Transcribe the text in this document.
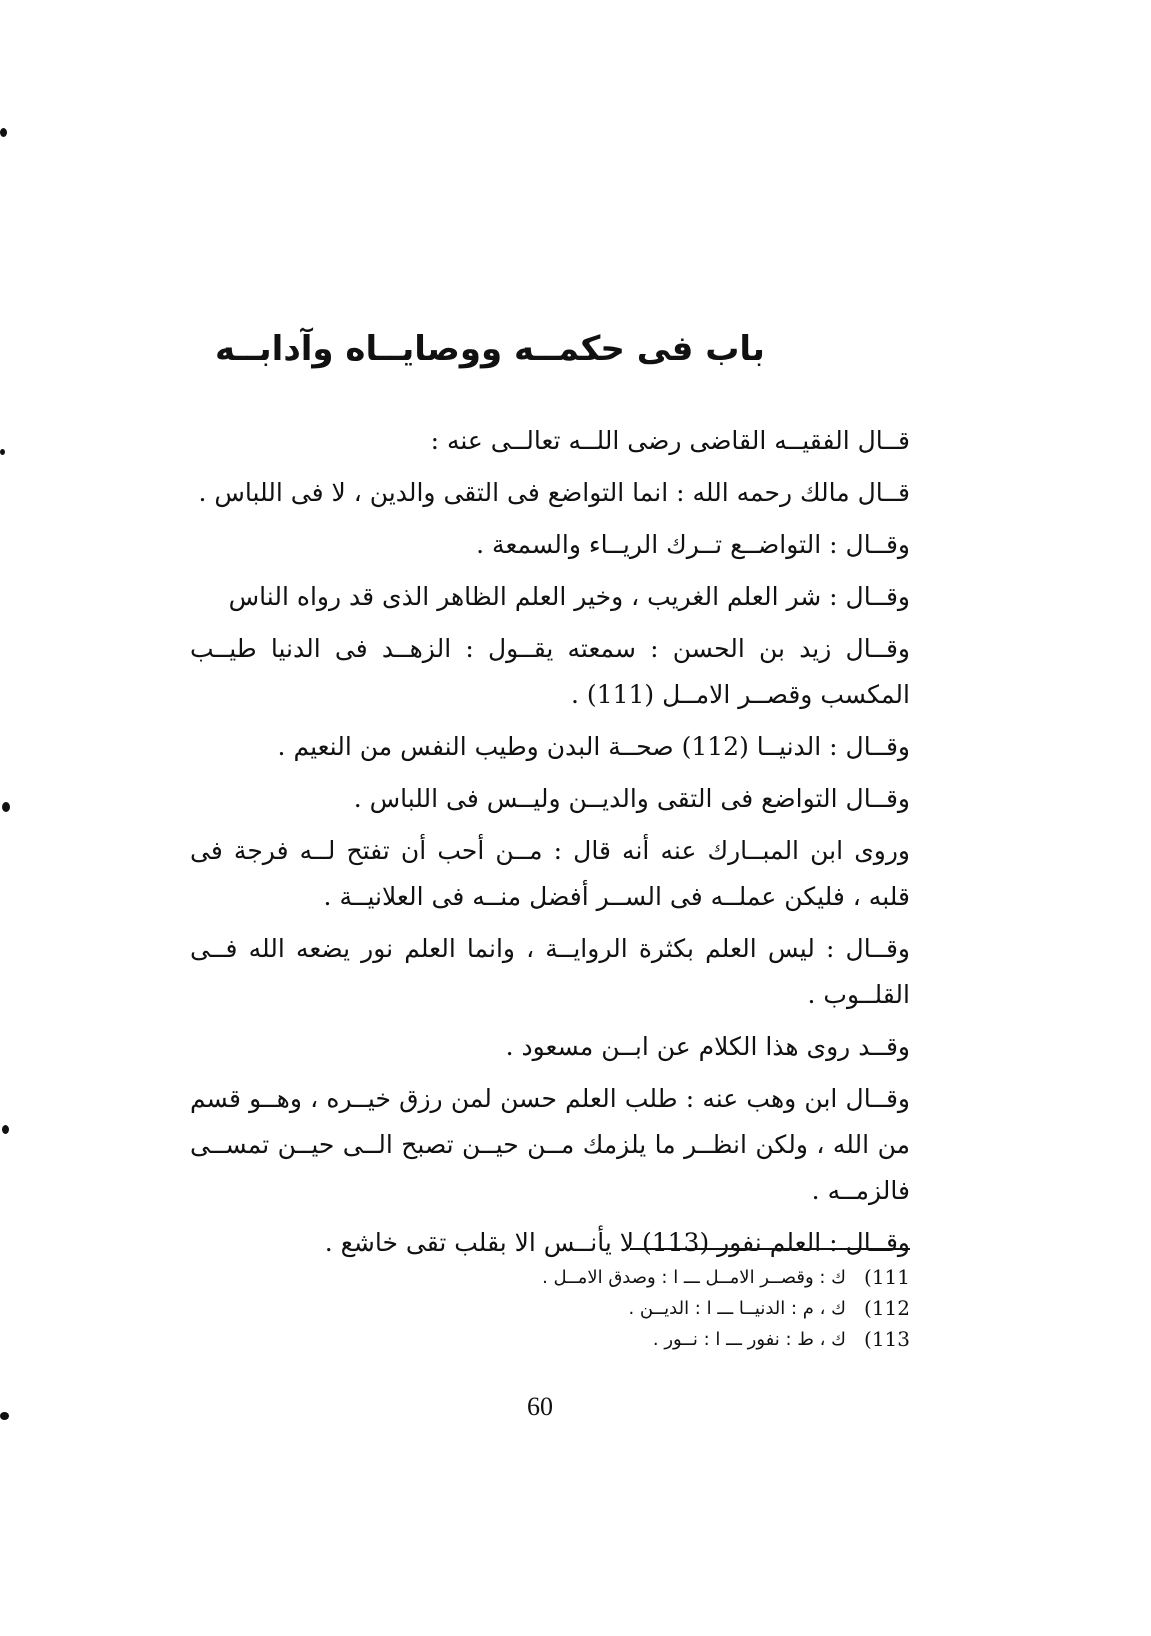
باب فى حكمــه ووصايــاه وآدابــه

قــال الفقيــه القاضى رضى اللــه تعالــى عنه :

قــال مالك رحمه الله : انما التواضع فى التقى والدين ، لا فى اللباس .

وقــال : التواضــع تــرك الريــاء والسمعة .

وقــال : شر العلم الغريب ، وخير العلم الظاهر الذى قد رواه الناس

وقــال زيد بن الحسن : سمعته يقــول : الزهــد فى الدنيا طيــب المكسب وقصــر الامــل (111) .

وقــال : الدنيــا (112) صحــة البدن وطيب النفس من النعيم .

وقــال التواضع فى التقى والديــن وليــس فى اللباس .

وروى ابن المبــارك عنه أنه قال : مــن أحب أن تفتح لــه فرجة فى قلبه ، فليكن عملــه فى الســر أفضل منــه فى العلانيــة .

وقــال : ليس العلم بكثرة الروايــة ، وانما العلم نور يضعه الله فــى القلــوب .

وقــد روى هذا الكلام عن ابــن مسعود .

وقــال ابن وهب عنه : طلب العلم حسن لمن رزق خيــره ، وهــو قسم من الله ، ولكن انظــر ما يلزمك مــن حيــن تصبح الــى حيــن تمســى فالزمــه .

وقــال : العلم نفور (113) لا يأنــس الا بقلب تقى خاشع .

(111
ك : وقصــر الامــل ـــ ا : وصدق الامــل .
(112
ك ، م : الدنيــا ـــ ا : الديــن .
(113
ك ، ط : نفور ـــ ا : نــور .
60
